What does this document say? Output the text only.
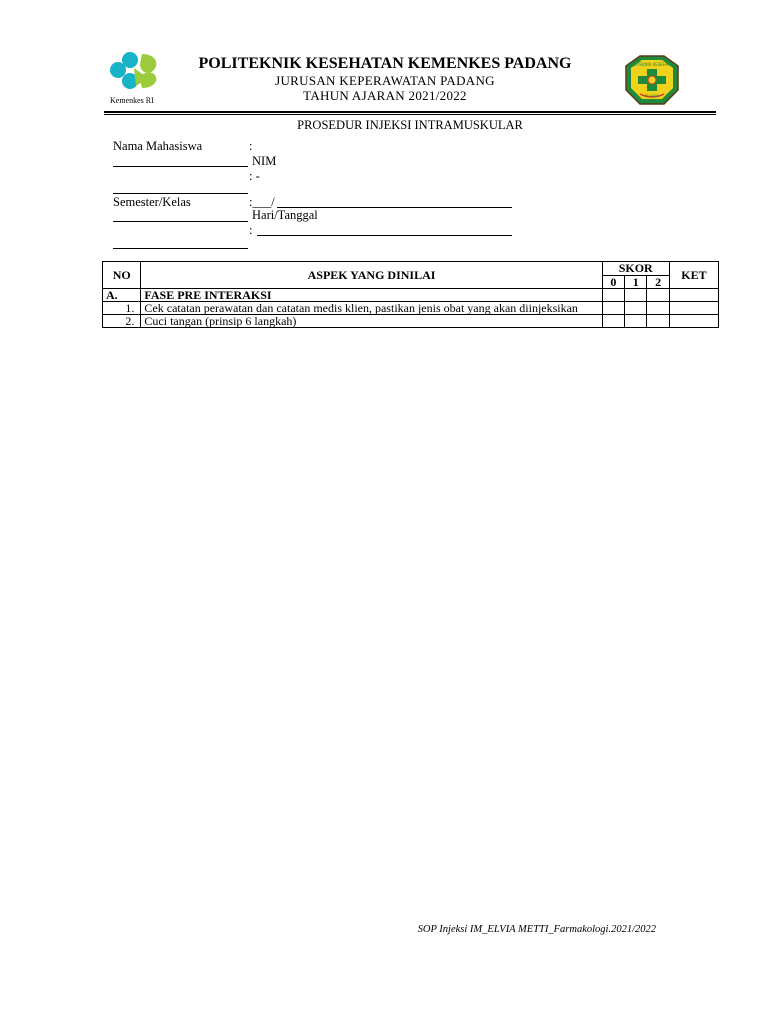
Kemenkes RI
POLITEKNIK KESEHATAN KEMENKES PADANG
JURUSAN KEPERAWATAN PADANG
TAHUN AJARAN 2021/2022
POLITEKNIK KESEHATAN
PADANG
PROSEDUR INJEKSI INTRAMUSKULAR
Nama Mahasiswa	:
NIM
: -
Semester/Kelas	:___/
Hari/Tanggal
:
NO	ASPEK YANG DINILAI	SKOR			KET
		0	1	2	
A.	FASE PRE INTERAKSI				
1.	Cek catatan perawatan dan catatan medis klien, pastikan jenis obat yang akan diinjeksikan				
2.	Cuci tangan (prinsip 6 langkah)				
SOP Injeksi IM_ELVIA METTI_Farmakologi.2021/2022
